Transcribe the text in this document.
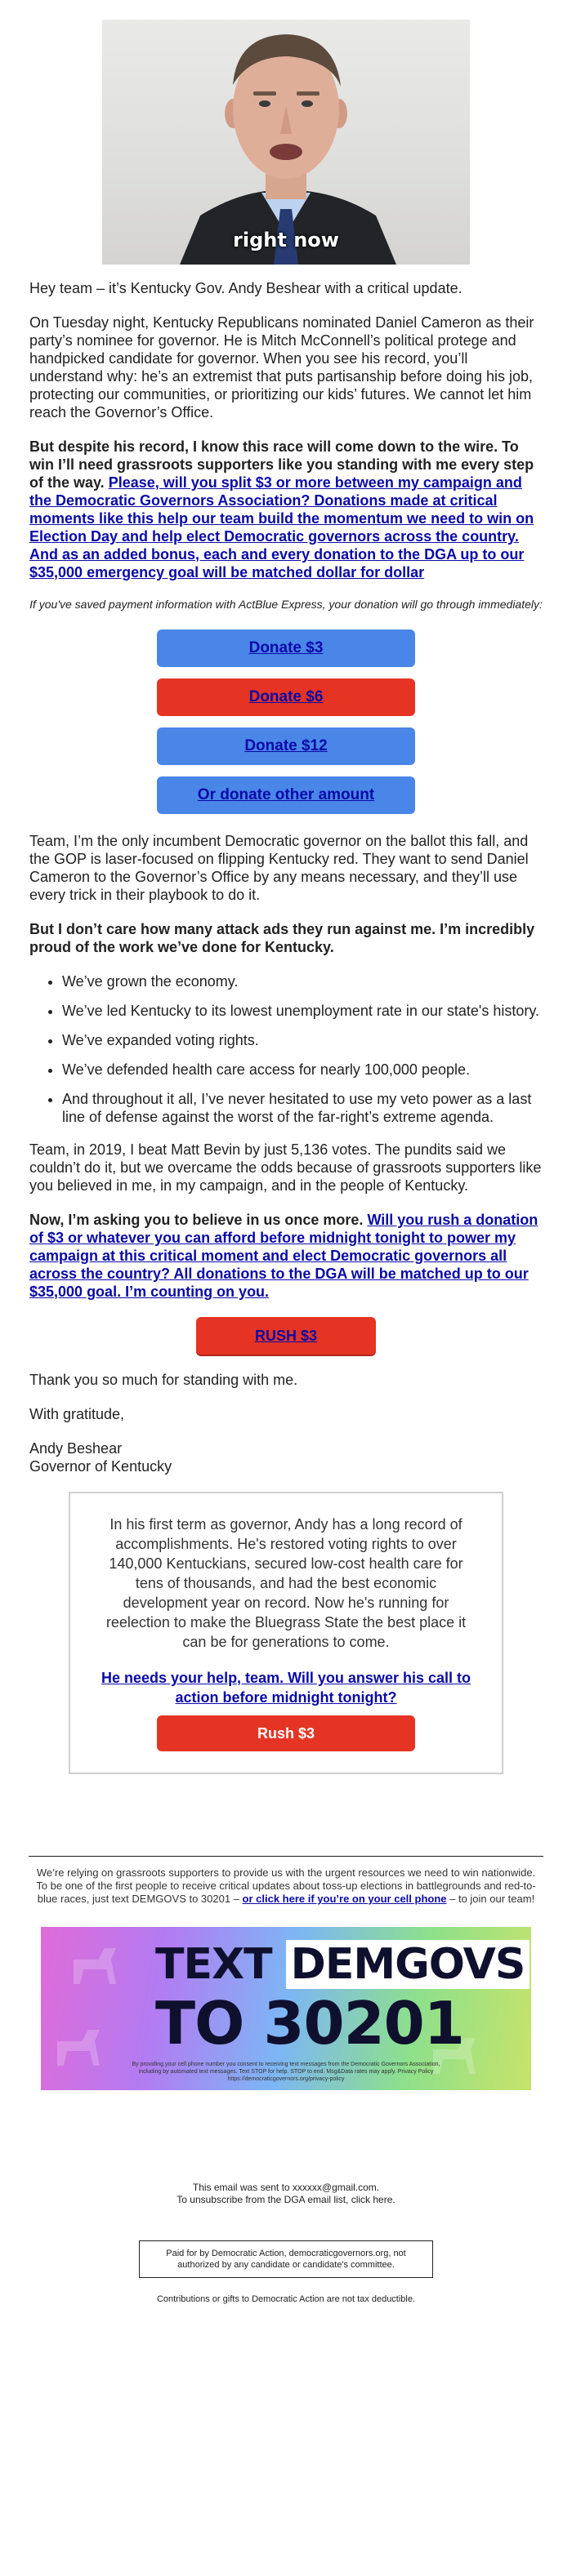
right now

Hey team – it’s Kentucky Gov. Andy Beshear with a critical update.

On Tuesday night, Kentucky Republicans nominated Daniel Cameron as their party’s nominee for governor. He is Mitch McConnell’s political protege and handpicked candidate for governor. When you see his record, you’ll understand why: he’s an extremist that puts partisanship before doing his job, protecting our communities, or prioritizing our kids’ futures. We cannot let him reach the Governor’s Office.

But despite his record, I know this race will come down to the wire. To win I’ll need grassroots supporters like you standing with me every step of the way. Please, will you split $3 or more between my campaign and the Democratic Governors Association? Donations made at critical moments like this help our team build the momentum we need to win on Election Day and help elect Democratic governors across the country. And as an added bonus, each and every donation to the DGA up to our $35,000 emergency goal will be matched dollar for dollar

If you've saved payment information with ActBlue Express, your donation will go through immediately:
Donate $3
Donate $6
Donate $12
Or donate other amount

Team, I’m the only incumbent Democratic governor on the ballot this fall, and the GOP is laser-focused on flipping Kentucky red. They want to send Daniel Cameron to the Governor’s Office by any means necessary, and they’ll use every trick in their playbook to do it.

But I don’t care how many attack ads they run against me. I’m incredibly proud of the work we’ve done for Kentucky.

• We’ve grown the economy.
• We’ve led Kentucky to its lowest unemployment rate in our state's history.
• We’ve expanded voting rights.
• We’ve defended health care access for nearly 100,000 people.
• And throughout it all, I’ve never hesitated to use my veto power as a last line of defense against the worst of the far-right’s extreme agenda.

Team, in 2019, I beat Matt Bevin by just 5,136 votes. The pundits said we couldn’t do it, but we overcame the odds because of grassroots supporters like you believed in me, in my campaign, and in the people of Kentucky.

Now, I’m asking you to believe in us once more. Will you rush a donation of $3 or whatever you can afford before midnight tonight to power my campaign at this critical moment and elect Democratic governors all across the country? All donations to the DGA will be matched up to our $35,000 goal. I’m counting on you.

RUSH $3

Thank you so much for standing with me.

With gratitude,

Andy Beshear
Governor of Kentucky

In his first term as governor, Andy has a long record of accomplishments. He's restored voting rights to over 140,000 Kentuckians, secured low-cost health care for tens of thousands, and had the best economic development year on record. Now he's running for reelection to make the Bluegrass State the best place it can be for generations to come.
He needs your help, team. Will you answer his call to action before midnight tonight?
Rush $3
We’re relying on grassroots supporters to provide us with the urgent resources we need to win nationwide. To be one of the first people to receive critical updates about toss-up elections in battlegrounds and red-to-blue races, just text DEMGOVS to 30201 – or click here if you’re on your cell phone – to join our team!
TEXT DEMGOVS
TO 30201
By providing your cell phone number you consent to receiving text messages from the Democratic Governors Association, including by automated text messages. Text STOP for help. STOP to end. Msg&Data rates may apply. Privacy Policy https://democraticgovernors.org/privacy-policy
This email was sent to xxxxxx@gmail.com.
To unsubscribe from the DGA email list, click here.
Paid for by Democratic Action, democraticgovernors.org, not authorized by any candidate or candidate's committee.
Contributions or gifts to Democratic Action are not tax deductible.
